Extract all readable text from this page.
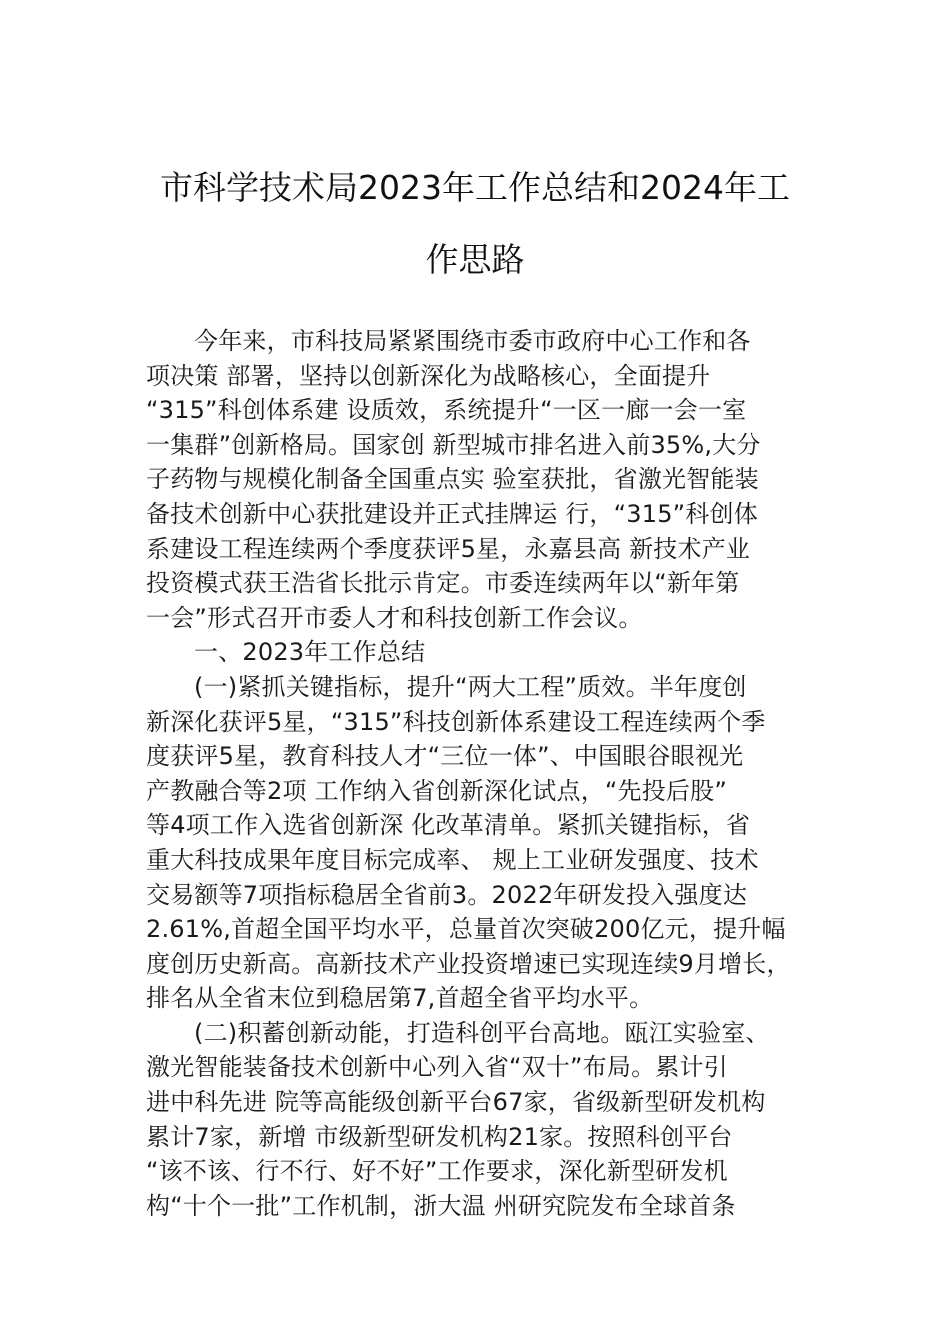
市科学技术局2023年工作总结和2024年工
作思路
今年来，市科技局紧紧围绕市委市政府中心工作和各
项决策 部署，坚持以创新深化为战略核心，全面提升
“315”科创体系建 设质效，系统提升“一区一廊一会一室
一集群”创新格局。国家创 新型城市排名进入前35%,大分
子药物与规模化制备全国重点实 验室获批，省激光智能装
备技术创新中心获批建设并正式挂牌运 行，“315”科创体
系建设工程连续两个季度获评5星，永嘉县高 新技术产业
投资模式获王浩省长批示肯定。市委连续两年以“新年第
一会”形式召开市委人才和科技创新工作会议。
一、2023年工作总结
(一)紧抓关键指标，提升“两大工程”质效。半年度创
新深化获评5星，“315”科技创新体系建设工程连续两个季
度获评5星，教育科技人才“三位一体”、中国眼谷眼视光
产教融合等2项 工作纳入省创新深化试点，“先投后股”
等4项工作入选省创新深 化改革清单。紧抓关键指标，省
重大科技成果年度目标完成率、 规上工业研发强度、技术
交易额等7项指标稳居全省前3。2022年研发投入强度达
2.61%,首超全国平均水平，总量首次突破200亿元，提升幅
度创历史新高。高新技术产业投资增速已实现连续9月增长，
排名从全省末位到稳居第7,首超全省平均水平。
(二)积蓄创新动能，打造科创平台高地。瓯江实验室、
激光智能装备技术创新中心列入省“双十”布局。累计引
进中科先进 院等高能级创新平台67家，省级新型研发机构
累计7家，新增 市级新型研发机构21家。按照科创平台
“该不该、行不行、好不好”工作要求，深化新型研发机
构“十个一批”工作机制，浙大温 州研究院发布全球首条
